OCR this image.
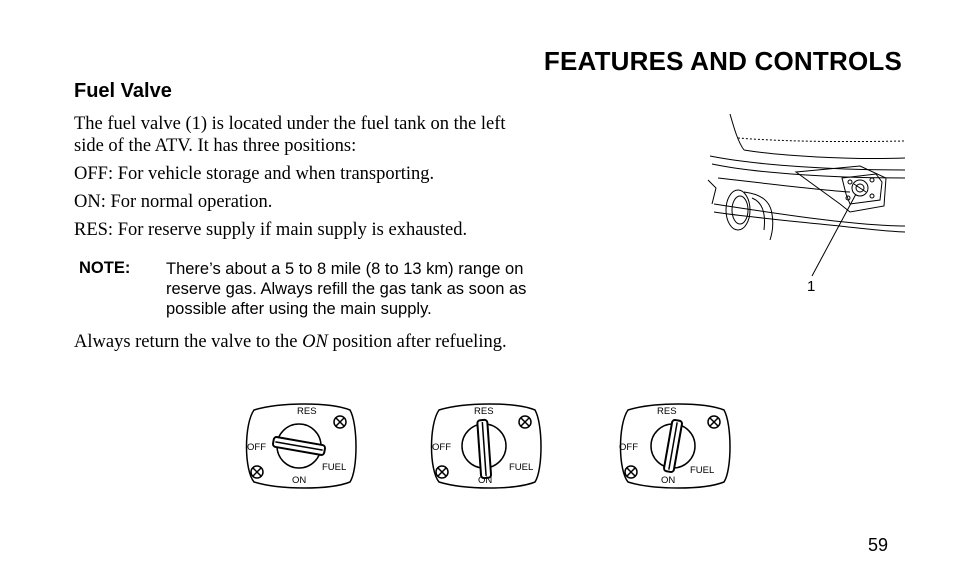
FEATURES AND CONTROLS
Fuel Valve
The fuel valve (1) is located under the fuel tank on the left
side of the ATV. It has three positions:
OFF: For vehicle storage and when transporting.
ON: For normal operation.
RES: For reserve supply if main supply is exhausted.
NOTE: There’s about a 5 to 8 mile (8 to 13 km) range on
reserve gas. Always refill the gas tank as soon as
possible after using the main supply.
Always return the valve to the ON position after refueling.
1
RES
OFF
ON
FUEL
RES
OFF
ON
FUEL
RES
OFF
ON
FUEL
59
